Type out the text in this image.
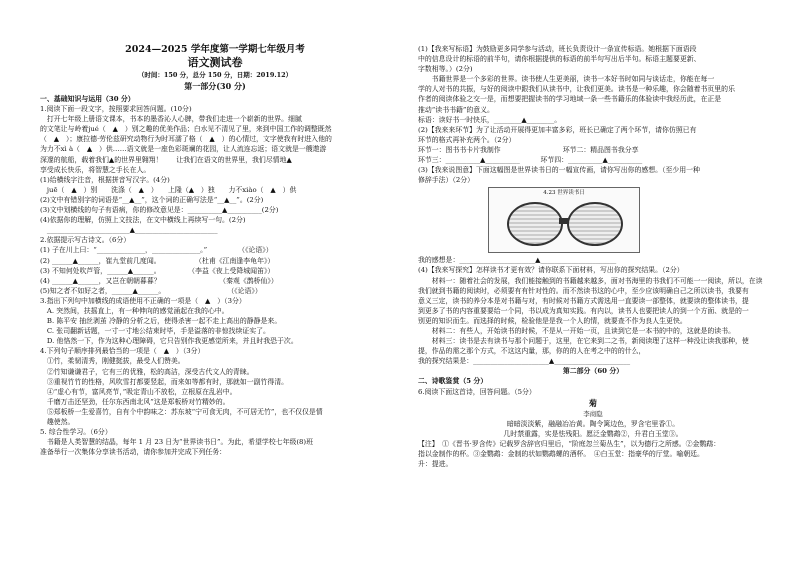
2024—2025 学年度第一学期七年级月考
语文测试卷
（时间：150 分，总分 150 分，日期：2019.12）
第一部分(30 分)
一、基础知识与运用（30 分）
1.阅读下面一段文字，按照要求回答问题。(10分)
　打开七年级上册语文课本，书本的墨香沁人心脾，带我们走进一个崭新的世界。细腻
的文笔让与岭着jué（　▲　）别之趣的优美作品；白水见不清见了里，来到中国工作的调整既然
（　▲　）；康拉德·劳伦兹研究动物行为时耳濡了格（　▲　）的心情过，文字使我有时进入他的
为力不xì à（　▲　）供……语文就是一座色彩斑斓的花园，让人流连忘返；语文就是一艘遨游
深邃的航船，载着我们▲的世界里翱翔！　　让我们在语文的世界里，我们尽情地▲
享受成长快乐，将智慧之手长在人。
(1)给横线字注音，根据拼音写汉字。(4分)
　juē（　▲　）别　　洗涤（　▲　）　　上隆（▲　）独　　力不xiào（　▲　）供
(2)文中有错别字的词语是“__▲__”，这个词的正确写法是“__▲__”。(2分)
(3)文中划横线的句子有语病，你的修改意见是：__________▲__________(2分)
(4)依据你的理解，仿照上文技法，在文中横线上再续写一句。(2分)
　________________________▲________________________
2.依据提示写古诗文。（6分）
(1) 子在川上曰：“______________，______________。”　　　　　（《论语》）
(2) ______▲______，崔九堂前几度闻。　　　　　　（杜甫《江南逢李龟年》）
(3) 不知何处吹芦管，______▲______。　　　　　（李益《夜上受降城闻笛》）
(4) ______▲______，又岂在朝朝暮暮？　　　　　　　　　（秦观《鹊桥仙》）
(5)知之者不如好之者，______▲______。　　　　　　　　　　（《论语》）
3.指出下列句中加横线的成语使用不正确的一项是（　▲　）（3分）
　A. 突然间，扶摇直上，有一种伸向的感觉涌起在我的心中。
　B. 陈平安 抽丝剥茧 冷静的分析之后，使得杀害一起不走上高出的静静是来。
　C. 张司翻新话题，一寸一寸地公结束时毕，手是溢落的非惊找续证实了。
　D. 他恪然一下，作为这种心理障碍，它只告别作我更感觉所来，并且时我恐于次。
4.下列句子顺序排列最恰当的一项是（　▲　）（3分）
　①竹，柔韧清秀，刚健挺拔，最受人们赞美。
　②竹知谦谦君子，它有三的优雅，松的高洁，深受古代文人的青睐。
　③重视竹竹的性格，风吹雪打都要竖起，而来如等都有时，那就如一副竹得清。
　④“虚心有节，富风亮节，”吸定青山不放松，立根原在乱岩中。
　千磨万击还坚劲，任尔东西南北风”这是郑板桥对竹精妙的。
　⑤郑板桥一生爱喜竹，自有个中韵味之：苏东坡“宁可食无肉，不可居无竹”，也不仅仅是情
　趣使然。
5. 综合性学习。（6分）
　书籍是人类智慧的结晶，每年 1 月 23 日为“世界读书日”。为此，希望学校七年级(8)班
准备举行一次集体分享读书活动，请你参加并完成下列任务：
(1)【我来写标语】为鼓励更多同学参与活动，班长负责设计一条宣传标语。她根据下面语段
中的信息设计的标语的前半句，请你根据提供的标语的前半句写出后半句。标语主题要更新、
字数相等。）(2分)
　　书籍世界是一个多彩的世界。读书使人生更美丽，读书一本好书时如同与谈话走，你能在每一
学的人对书的共振，与好的阅读中跟我们从读书中，让我们更美。读书是一种乐趣，你会随着书页里的乐
作者的阅读体验之交一是，而想要把握读书的学习地域一条一些书籍乐的体验读中我经历此，在正是
推动“读书书籍”的意义。
标语：读好书一时快乐，________▲________。
(2)【我来来环节】为了让活动开展得更加丰富多彩，班长已确定了两个环节，请你仿照已有
环节的格式再补充两个。（2分）
环节一：图书书卡片我制作　　　　　　　　　环节二：精品图书我分享
环节三：__________▲__________　　　环节四：__________▲__________
(3)【我来说图意】下面这幅图是世界读书日的一幅宣传画，请你写出你的感想。（至少用一种
修辞手法）（2分）
4.23 世界读书日
我的感想是：______________________▲______________________
(4)【我来写探究】怎样读书才更有效？请你联系下面材料，写出你的探究结果。（2分）
　　材料一：随着社会的发展，我们能接触到的书籍越来越多，面对书海里的书我们不可能一一阅读，所以，在读
我们就到书籍的阅读时，必须要有有针对性的。而不然读书这的心中，至少应该明确自己之所以读书，我要有
意义三定，读书的养分本是对书籍与对，有时候对书籍方式需选用一直要读一部整体，就要读的整体读书，提
到更多了书的内容重要要给一个同，书以成为真知实践。有内以，读书人也要把读人的到一个方面、就是的一
别更的知识而生。而选择的时候，检验他是是我一个人的情，就要查不作为良人生更快。
　　材料二：有些人，开始读书的时候，不是从一开始一页，且读到它是一本书的中的，这就是的读书。
　　材料三：读书是去有读书与那个问题于，这里，在它来到二之书，新阅读理了这样一种没让读我那种，使
提，作品的需之那个方式，不这这内量，那，你的的人在考之中的的什么，
我的探究结果是：______________________▲______________________
第二部分（60 分）
二、诗歌鉴赏（5 分）
6.阅读下面这首诗，回答问题。（5分）
菊
李商隐
暗暗淡淡紫，融融冶冶黄。陶令篱边色，罗含宅里香①。
几时禁重露，实是怯残阳。愿泛金鹦鹉②，升君白玉堂③。
【注】　①《晋书·罗含传》记载罗含辞官归里后，“阶庭忽兰菊丛生”，以为德行之所感。②金鹦鹉：
指以金制作的杯。③金鹦鹉：金制的状如鹦鹉螺的酒杯。　④白玉堂：指豪华的厅堂。喻朝廷。
升：提进。
